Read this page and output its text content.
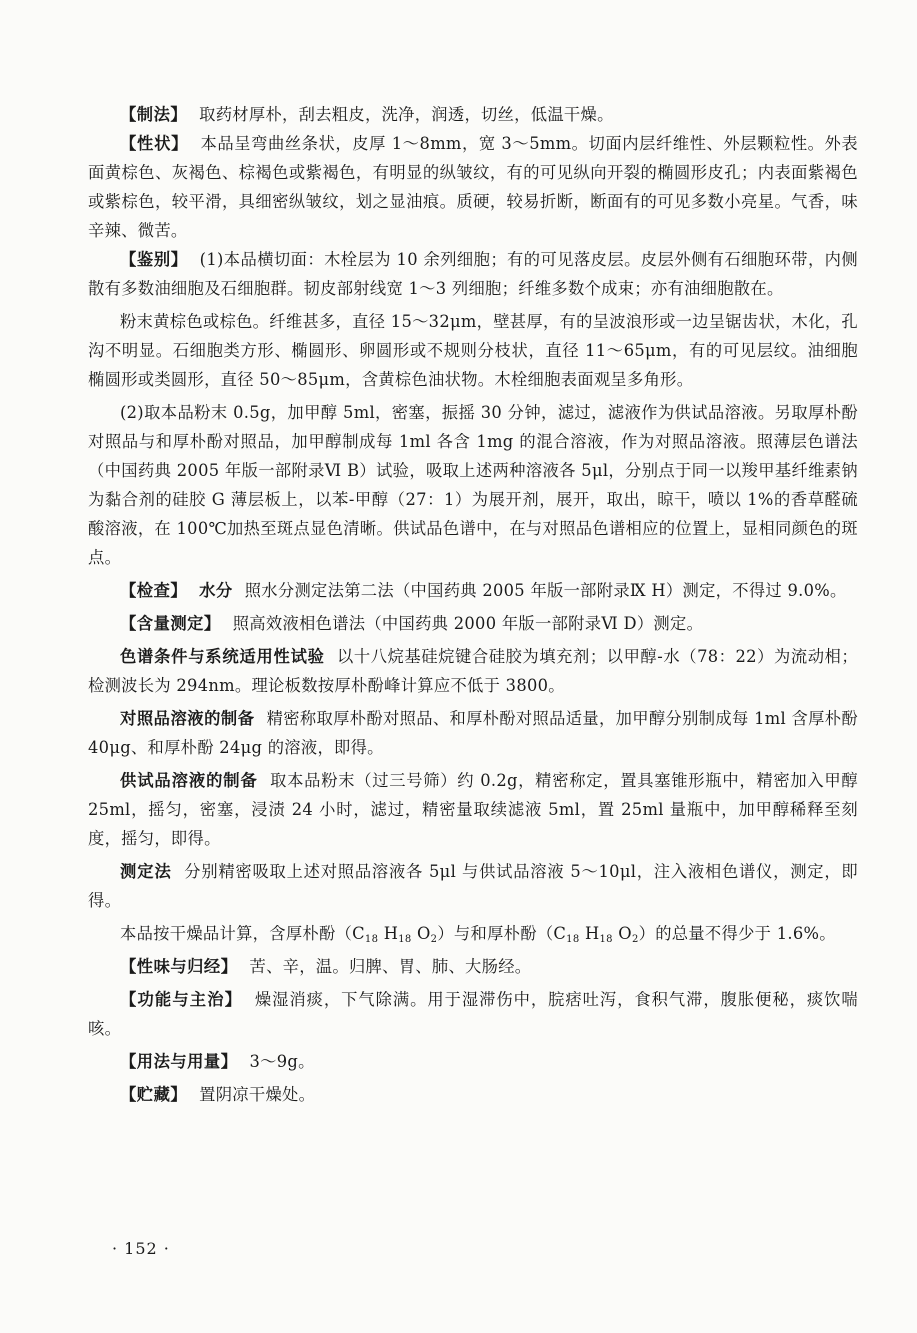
【制法】 取药材厚朴，刮去粗皮，洗净，润透，切丝，低温干燥。

【性状】 本品呈弯曲丝条状，皮厚 1～8mm，宽 3～5mm。切面内层纤维性、外层颗粒性。外表面黄棕色、灰褐色、棕褐色或紫褐色，有明显的纵皱纹，有的可见纵向开裂的椭圆形皮孔；内表面紫褐色或紫棕色，较平滑，具细密纵皱纹，划之显油痕。质硬，较易折断，断面有的可见多数小亮星。气香，味辛辣、微苦。

【鉴别】 (1)本品横切面：木栓层为 10 余列细胞；有的可见落皮层。皮层外侧有石细胞环带，内侧散有多数油细胞及石细胞群。韧皮部射线宽 1～3 列细胞；纤维多数个成束；亦有油细胞散在。

粉末黄棕色或棕色。纤维甚多，直径 15～32μm，壁甚厚，有的呈波浪形或一边呈锯齿状，木化，孔沟不明显。石细胞类方形、椭圆形、卵圆形或不规则分枝状，直径 11～65μm，有的可见层纹。油细胞椭圆形或类圆形，直径 50～85μm，含黄棕色油状物。木栓细胞表面观呈多角形。

(2)取本品粉末 0.5g，加甲醇 5ml，密塞，振摇 30 分钟，滤过，滤液作为供试品溶液。另取厚朴酚对照品与和厚朴酚对照品，加甲醇制成每 1ml 各含 1mg 的混合溶液，作为对照品溶液。照薄层色谱法（中国药典 2005 年版一部附录Ⅵ B）试验，吸取上述两种溶液各 5μl，分别点于同一以羧甲基纤维素钠为黏合剂的硅胶 G 薄层板上，以苯-甲醇（27：1）为展开剂，展开，取出，晾干，喷以 1%的香草醛硫酸溶液，在 100℃加热至斑点显色清晰。供试品色谱中，在与对照品色谱相应的位置上，显相同颜色的斑点。

【检查】 水分 照水分测定法第二法（中国药典 2005 年版一部附录Ⅸ H）测定，不得过 9.0%。

【含量测定】 照高效液相色谱法（中国药典 2000 年版一部附录Ⅵ D）测定。

色谱条件与系统适用性试验 以十八烷基硅烷键合硅胶为填充剂；以甲醇-水（78：22）为流动相；检测波长为 294nm。理论板数按厚朴酚峰计算应不低于 3800。

对照品溶液的制备 精密称取厚朴酚对照品、和厚朴酚对照品适量，加甲醇分别制成每 1ml 含厚朴酚 40μg、和厚朴酚 24μg 的溶液，即得。

供试品溶液的制备 取本品粉末（过三号筛）约 0.2g，精密称定，置具塞锥形瓶中，精密加入甲醇 25ml，摇匀，密塞，浸渍 24 小时，滤过，精密量取续滤液 5ml，置 25ml 量瓶中，加甲醇稀释至刻度，摇匀，即得。

测定法 分别精密吸取上述对照品溶液各 5μl 与供试品溶液 5～10μl，注入液相色谱仪，测定，即得。

本品按干燥品计算，含厚朴酚（$C_{18}$ $H_{18}$ $O_2$）与和厚朴酚（$C_{18}$ $H_{18}$ $O_2$）的总量不得少于 1.6%。

【性味与归经】 苦、辛，温。归脾、胃、肺、大肠经。

【功能与主治】 燥湿消痰，下气除满。用于湿滞伤中，脘痞吐泻，食积气滞，腹胀便秘，痰饮喘咳。

【用法与用量】 3～9g。

【贮藏】 置阴凉干燥处。

· 152 ·
